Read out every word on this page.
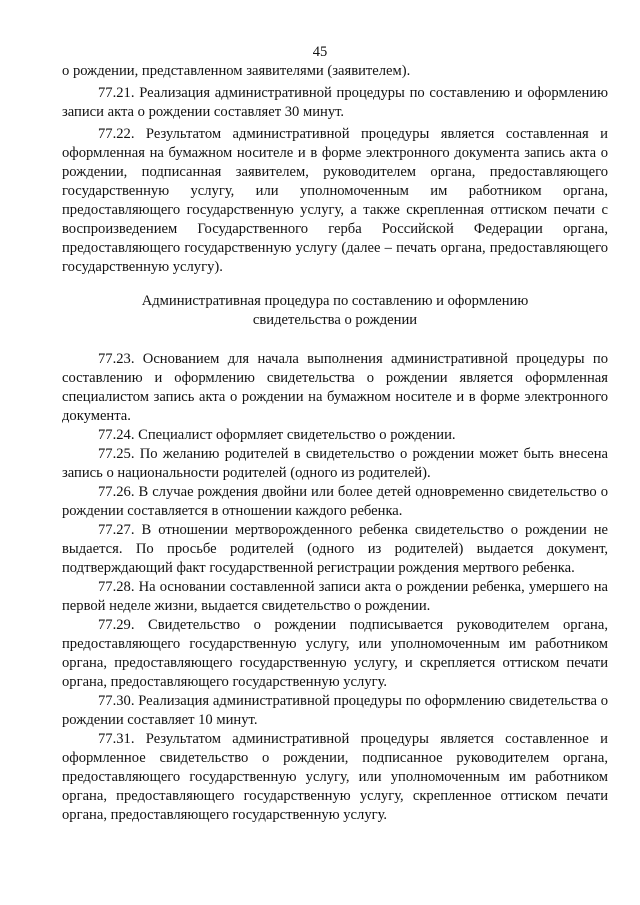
45

о рождении, представленном заявителями (заявителем).

77.21. Реализация административной процедуры по составлению и оформлению записи акта о рождении составляет 30 минут.

77.22. Результатом административной процедуры является составленная и оформленная на бумажном носителе и в форме электронного документа запись акта о рождении, подписанная заявителем, руководителем органа, предоставляющего государственную услугу, или уполномоченным им работником органа, предоставляющего государственную услугу, а также скрепленная оттиском печати с воспроизведением Государственного герба Российской Федерации органа, предоставляющего государственную услугу (далее – печать органа, предоставляющего государственную услугу).

Административная процедура по составлению и оформлению
свидетельства о рождении

77.23. Основанием для начала выполнения административной процедуры по составлению и оформлению свидетельства о рождении является оформленная специалистом запись акта о рождении на бумажном носителе и в форме электронного документа.

77.24. Специалист оформляет свидетельство о рождении.

77.25. По желанию родителей в свидетельство о рождении может быть внесена запись о национальности родителей (одного из родителей).

77.26. В случае рождения двойни или более детей одновременно свидетельство о рождении составляется в отношении каждого ребенка.

77.27. В отношении мертворожденного ребенка свидетельство о рождении не выдается. По просьбе родителей (одного из родителей) выдается документ, подтверждающий факт государственной регистрации рождения мертвого ребенка.

77.28. На основании составленной записи акта о рождении ребенка, умершего на первой неделе жизни, выдается свидетельство о рождении.

77.29. Свидетельство о рождении подписывается руководителем органа, предоставляющего государственную услугу, или уполномоченным им работником органа, предоставляющего государственную услугу, и скрепляется оттиском печати органа, предоставляющего государственную услугу.

77.30. Реализация административной процедуры по оформлению свидетельства о рождении составляет 10 минут.

77.31. Результатом административной процедуры является составленное и оформленное свидетельство о рождении, подписанное руководителем органа, предоставляющего государственную услугу, или уполномоченным им работником органа, предоставляющего государственную услугу, скрепленное оттиском печати органа, предоставляющего государственную услугу.
